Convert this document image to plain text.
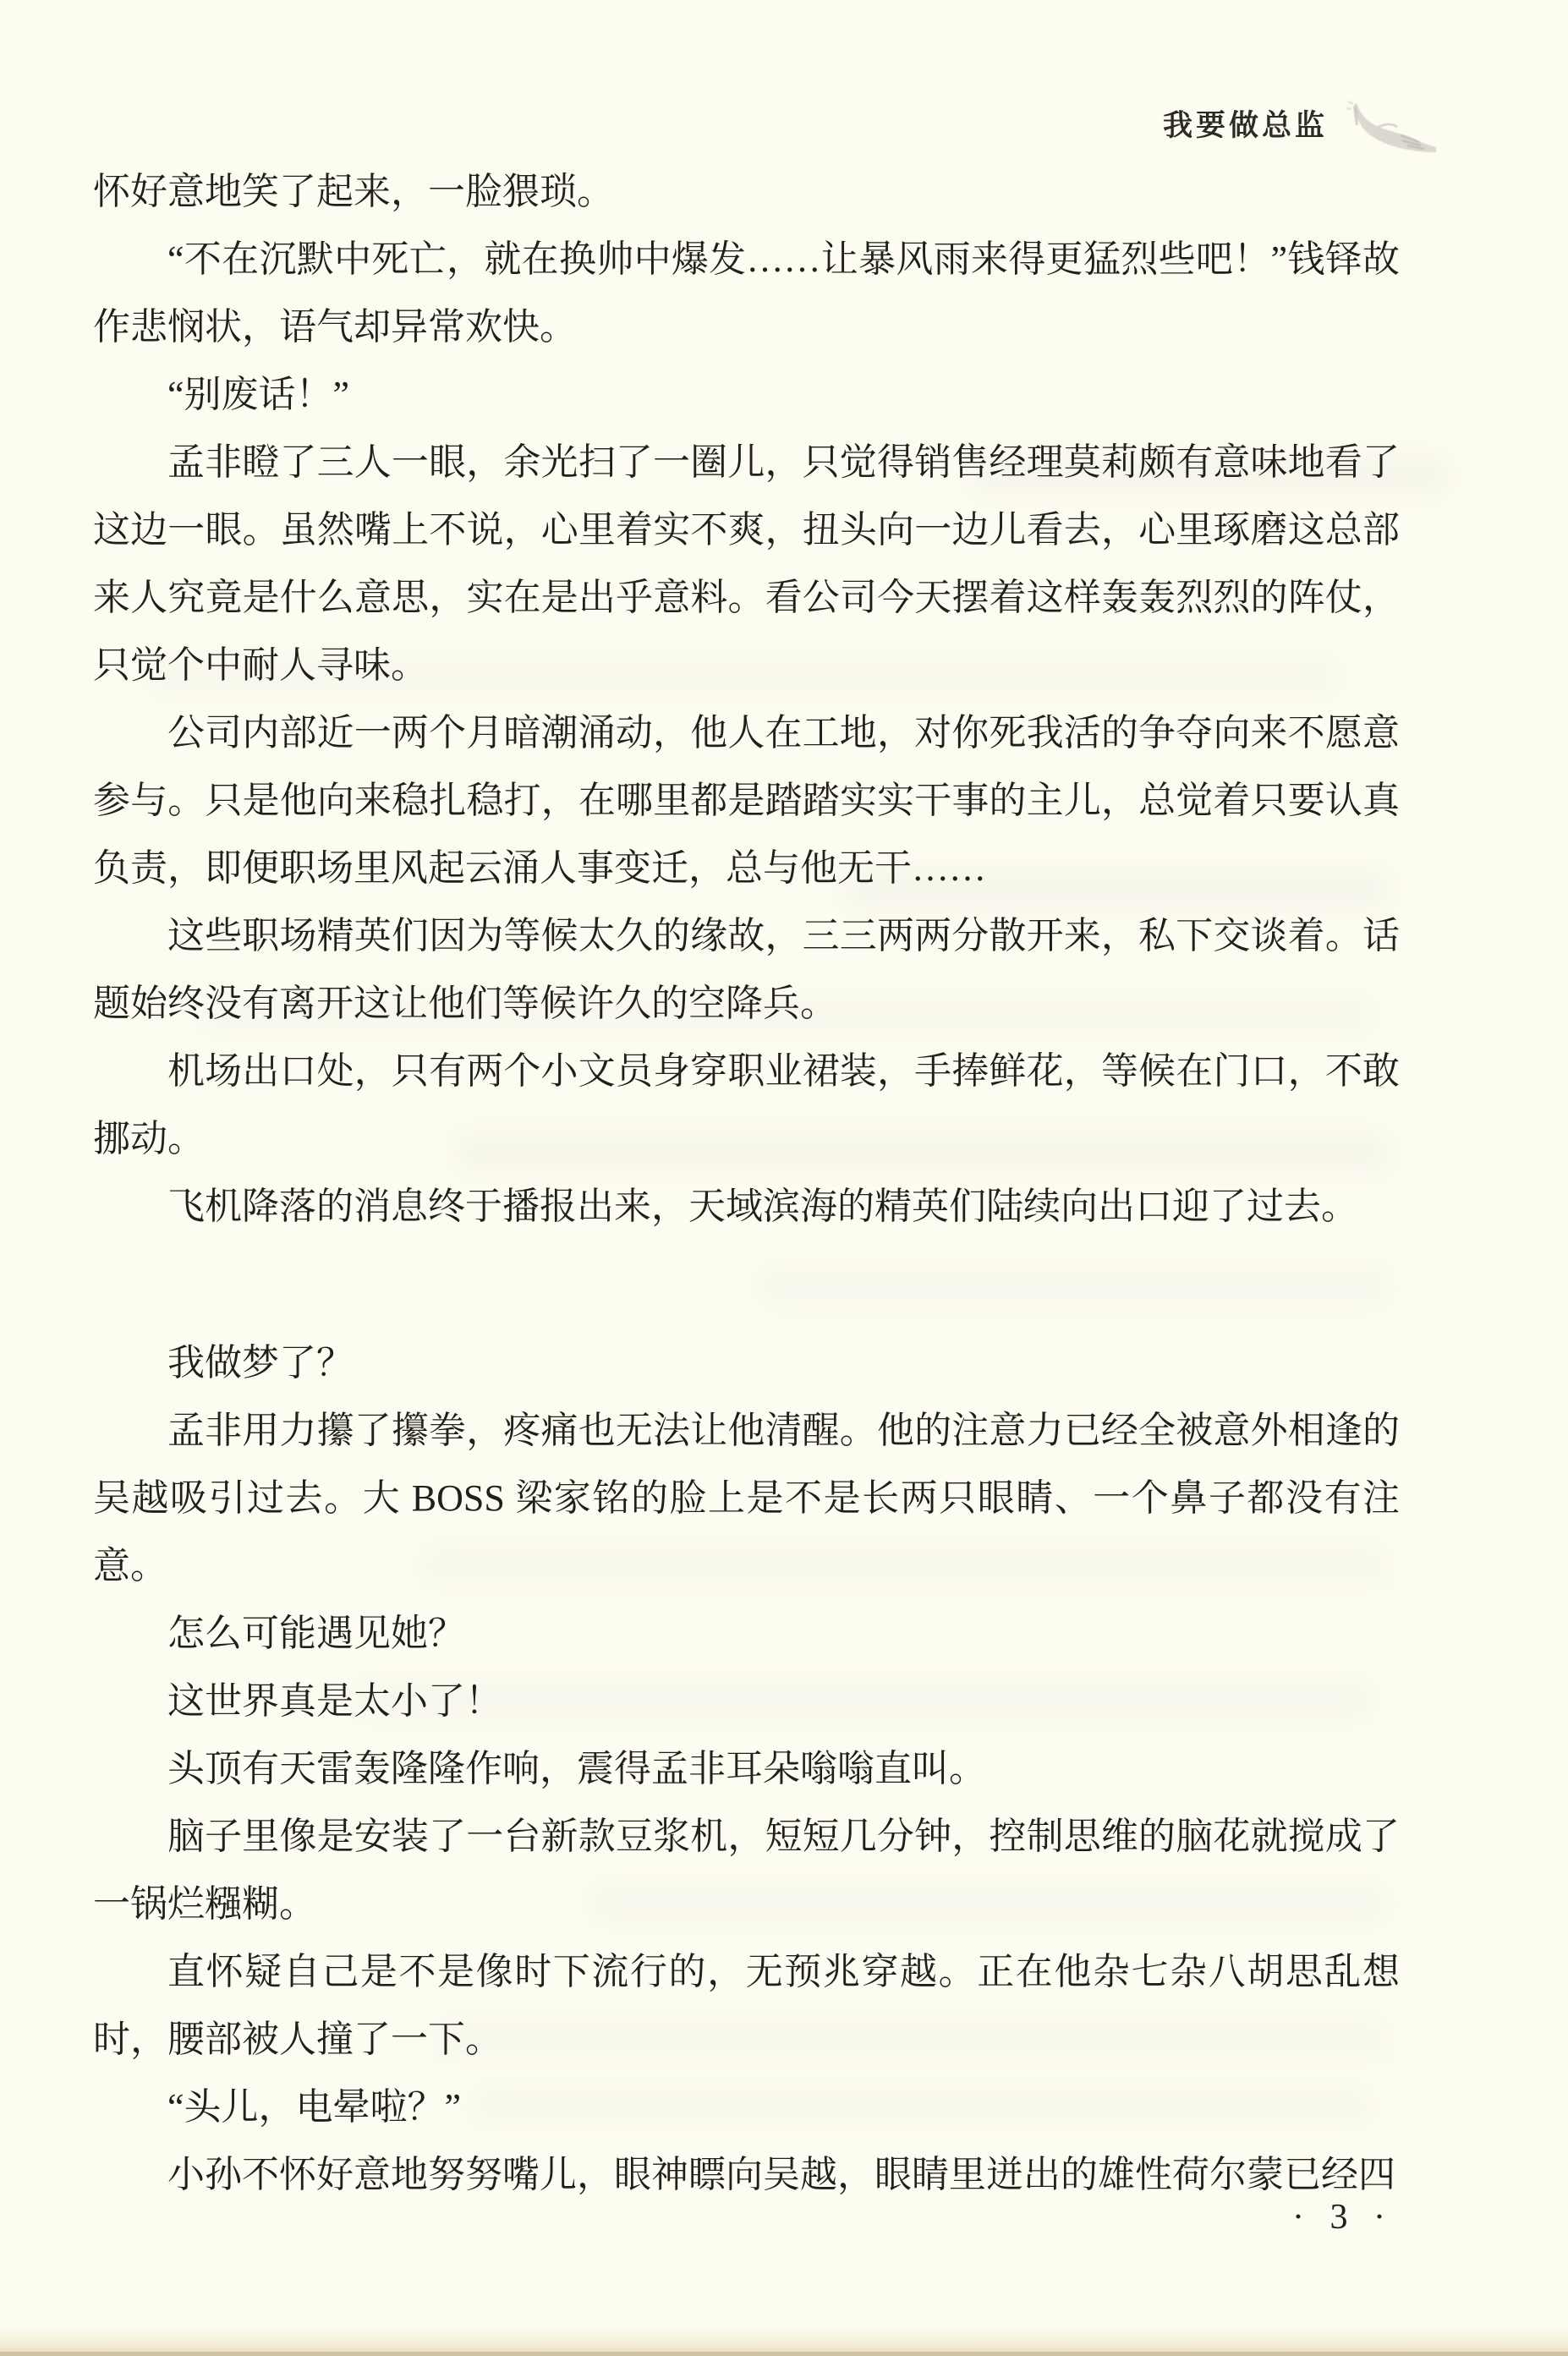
我要做总监

怀好意地笑了起来，一脸猥琐。

“不在沉默中死亡，就在换帅中爆发……让暴风雨来得更猛烈些吧！”钱铎故作悲悯状，语气却异常欢快。

“别废话！”

孟非瞪了三人一眼，余光扫了一圈儿，只觉得销售经理莫莉颇有意味地看了这边一眼。虽然嘴上不说，心里着实不爽，扭头向一边儿看去，心里琢磨这总部来人究竟是什么意思，实在是出乎意料。看公司今天摆着这样轰轰烈烈的阵仗，只觉个中耐人寻味。

公司内部近一两个月暗潮涌动，他人在工地，对你死我活的争夺向来不愿意参与。只是他向来稳扎稳打，在哪里都是踏踏实实干事的主儿，总觉着只要认真负责，即便职场里风起云涌人事变迁，总与他无干……

这些职场精英们因为等候太久的缘故，三三两两分散开来，私下交谈着。话题始终没有离开这让他们等候许久的空降兵。

机场出口处，只有两个小文员身穿职业裙装，手捧鲜花，等候在门口，不敢挪动。

飞机降落的消息终于播报出来，天域滨海的精英们陆续向出口迎了过去。

我做梦了？

孟非用力攥了攥拳，疼痛也无法让他清醒。他的注意力已经全被意外相逢的吴越吸引过去。大 BOSS 梁家铭的脸上是不是长两只眼睛、一个鼻子都没有注意。

怎么可能遇见她？

这世界真是太小了！

头顶有天雷轰隆隆作响，震得孟非耳朵嗡嗡直叫。

脑子里像是安装了一台新款豆浆机，短短几分钟，控制思维的脑花就搅成了一锅烂糨糊。

直怀疑自己是不是像时下流行的，无预兆穿越。正在他杂七杂八胡思乱想时，腰部被人撞了一下。

“头儿，电晕啦？”

小孙不怀好意地努努嘴儿，眼神瞟向吴越，眼睛里迸出的雄性荷尔蒙已经四

· 3 ·
